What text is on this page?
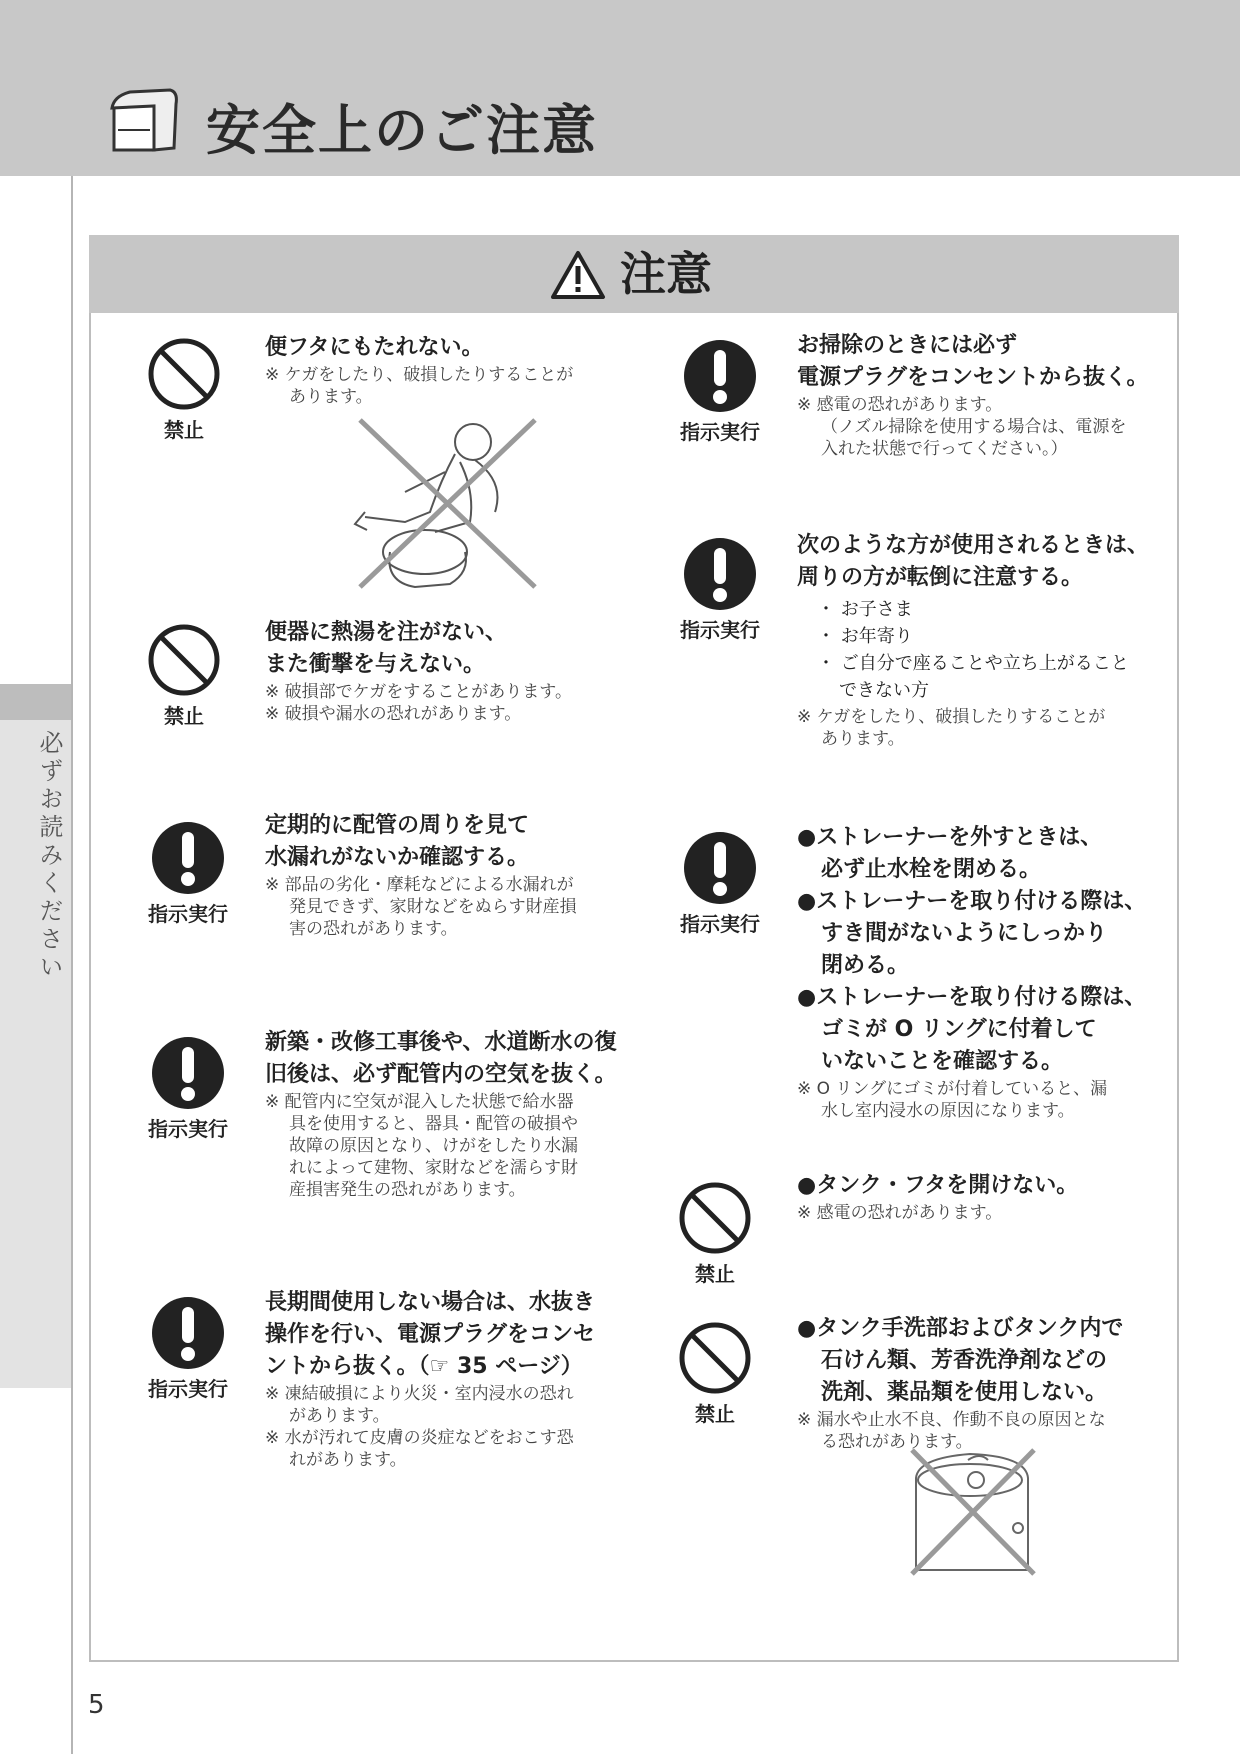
安全上のご注意
必ずお読みください
注意
禁止
便フタにもたれない。
※ ケガをしたり、破損したりすることが
あります。
禁止
便器に熱湯を注がない、
また衝撃を与えない。
※ 破損部でケガをすることがあります。
※ 破損や漏水の恐れがあります。
指示実行
定期的に配管の周りを見て
水漏れがないか確認する。
※ 部品の劣化・摩耗などによる水漏れが
発見できず、家財などをぬらす財産損
害の恐れがあります。
指示実行
新築・改修工事後や、水道断水の復
旧後は、必ず配管内の空気を抜く。
※ 配管内に空気が混入した状態で給水器
具を使用すると、器具・配管の破損や
故障の原因となり、けがをしたり水漏
れによって建物、家財などを濡らす財
産損害発生の恐れがあります。
指示実行
長期間使用しない場合は、水抜き
操作を行い、電源プラグをコンセ
ントから抜く。（☞ 35 ページ）
※ 凍結破損により火災・室内浸水の恐れ
があります。
※ 水が汚れて皮膚の炎症などをおこす恐
れがあります。
指示実行
お掃除のときには必ず
電源プラグをコンセントから抜く。
※ 感電の恐れがあります。
（ノズル掃除を使用する場合は、電源を
入れた状態で行ってください。）
指示実行
次のような方が使用されるときは、
周りの方が転倒に注意する。
・ お子さま
・ お年寄り
・ ご自分で座ることや立ち上がること
できない方
※ ケガをしたり、破損したりすることが
あります。
指示実行
●ストレーナーを外すときは、
必ず止水栓を閉める。
●ストレーナーを取り付ける際は、
すき間がないようにしっかり
閉める。
●ストレーナーを取り付ける際は、
ゴミが O リングに付着して
いないことを確認する。
※ O リングにゴミが付着していると、漏
水し室内浸水の原因になります。
禁止
●タンク・フタを開けない。
※ 感電の恐れがあります。
禁止
●タンク手洗部およびタンク内で
石けん類、芳香洗浄剤などの
洗剤、薬品類を使用しない。
※ 漏水や止水不良、作動不良の原因とな
る恐れがあります。
5
